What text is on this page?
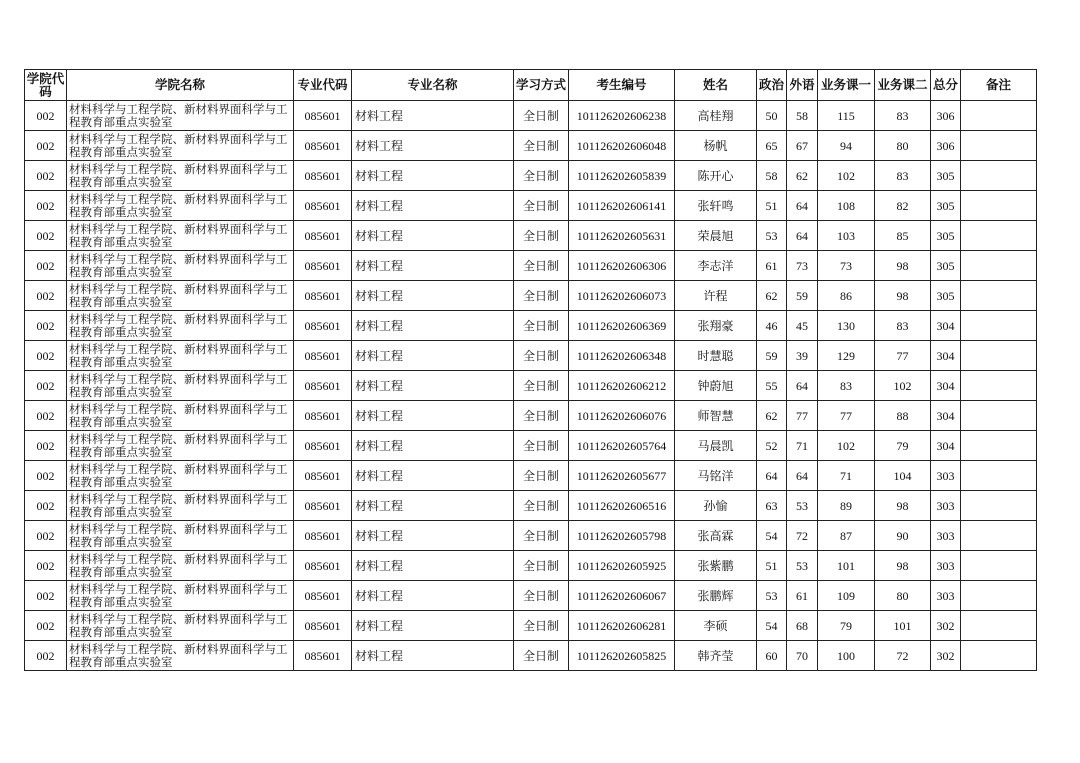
学院代码	学院名称	专业代码	专业名称	学习方式	考生编号	姓名	政治	外语	业务课一	业务课二	总分	备注
002	材料科学与工程学院、新材料界面科学与工程教育部重点实验室	085601	材料工程	全日制	101126202606238	高桂翔	50	58	115	83	306	
002	材料科学与工程学院、新材料界面科学与工程教育部重点实验室	085601	材料工程	全日制	101126202606048	杨帆	65	67	94	80	306	
002	材料科学与工程学院、新材料界面科学与工程教育部重点实验室	085601	材料工程	全日制	101126202605839	陈开心	58	62	102	83	305	
002	材料科学与工程学院、新材料界面科学与工程教育部重点实验室	085601	材料工程	全日制	101126202606141	张轩鸣	51	64	108	82	305	
002	材料科学与工程学院、新材料界面科学与工程教育部重点实验室	085601	材料工程	全日制	101126202605631	荣晨旭	53	64	103	85	305	
002	材料科学与工程学院、新材料界面科学与工程教育部重点实验室	085601	材料工程	全日制	101126202606306	李志洋	61	73	73	98	305	
002	材料科学与工程学院、新材料界面科学与工程教育部重点实验室	085601	材料工程	全日制	101126202606073	许程	62	59	86	98	305	
002	材料科学与工程学院、新材料界面科学与工程教育部重点实验室	085601	材料工程	全日制	101126202606369	张翔豪	46	45	130	83	304	
002	材料科学与工程学院、新材料界面科学与工程教育部重点实验室	085601	材料工程	全日制	101126202606348	时慧聪	59	39	129	77	304	
002	材料科学与工程学院、新材料界面科学与工程教育部重点实验室	085601	材料工程	全日制	101126202606212	钟蔚旭	55	64	83	102	304	
002	材料科学与工程学院、新材料界面科学与工程教育部重点实验室	085601	材料工程	全日制	101126202606076	师智慧	62	77	77	88	304	
002	材料科学与工程学院、新材料界面科学与工程教育部重点实验室	085601	材料工程	全日制	101126202605764	马晨凯	52	71	102	79	304	
002	材料科学与工程学院、新材料界面科学与工程教育部重点实验室	085601	材料工程	全日制	101126202605677	马铭洋	64	64	71	104	303	
002	材料科学与工程学院、新材料界面科学与工程教育部重点实验室	085601	材料工程	全日制	101126202606516	孙愉	63	53	89	98	303	
002	材料科学与工程学院、新材料界面科学与工程教育部重点实验室	085601	材料工程	全日制	101126202605798	张高霖	54	72	87	90	303	
002	材料科学与工程学院、新材料界面科学与工程教育部重点实验室	085601	材料工程	全日制	101126202605925	张紫鹏	51	53	101	98	303	
002	材料科学与工程学院、新材料界面科学与工程教育部重点实验室	085601	材料工程	全日制	101126202606067	张鹏辉	53	61	109	80	303	
002	材料科学与工程学院、新材料界面科学与工程教育部重点实验室	085601	材料工程	全日制	101126202606281	李硕	54	68	79	101	302	
002	材料科学与工程学院、新材料界面科学与工程教育部重点实验室	085601	材料工程	全日制	101126202605825	韩齐莹	60	70	100	72	302	
